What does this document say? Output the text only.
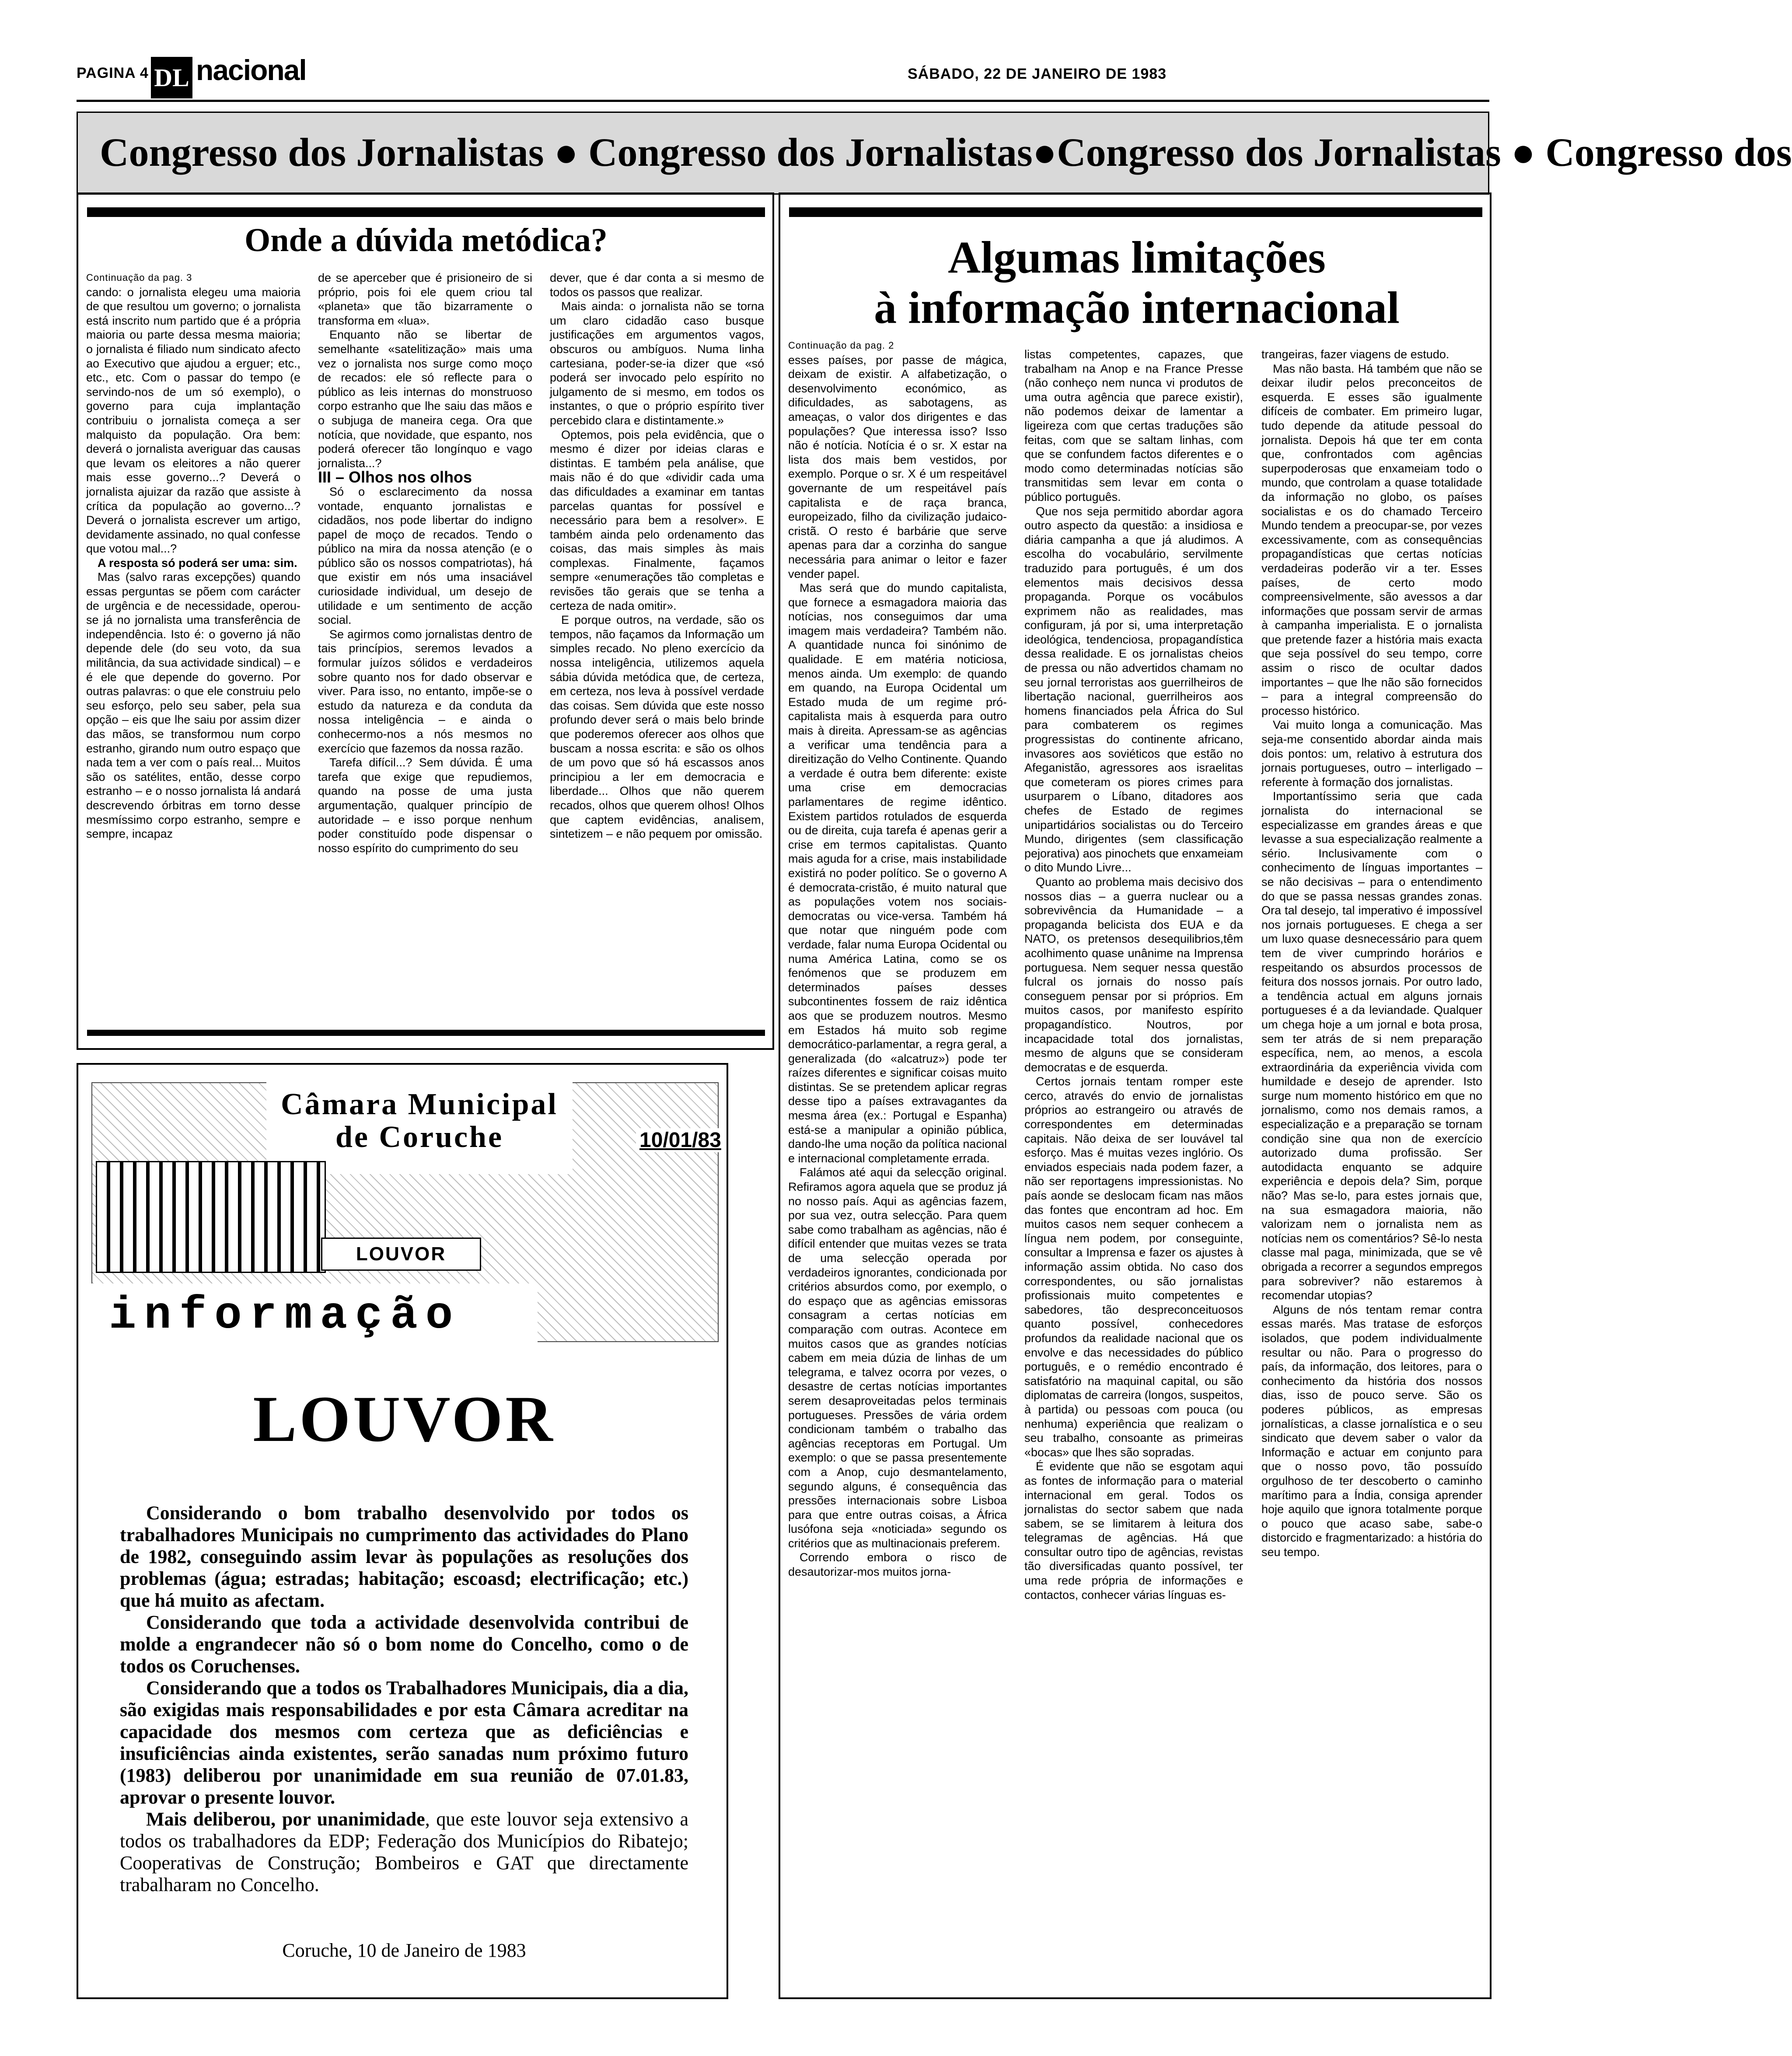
PAGINA 4 DL nacional	SÁBADO, 22 DE JANEIRO DE 1983
Congresso dos Jornalistas ● Congresso dos Jornalistas●Congresso dos Jornalistas ● Congresso dos
Onde a dúvida metódica?
Continuação da pag. 3

cando: o jornalista elegeu uma maioria de que resultou um governo; o jornalista está inscrito num partido que é a própria maioria ou parte dessa mesma maioria; o jornalista é filiado num sindicato afecto ao Executivo que ajudou a erguer; etc., etc., etc. Com o passar do tempo (e servindo-nos de um só exemplo), o governo para cuja implantação contribuiu o jornalista começa a ser malquisto da população. Ora bem: deverá o jornalista averiguar das causas que levam os eleitores a não querer mais esse governo...? Deverá o jornalista ajuizar da razão que assiste à crítica da população ao governo...? Deverá o jornalista escrever um artigo, devidamente assinado, no qual confesse que votou mal...?

A resposta só poderá ser uma: sim.

Mas (salvo raras excepções) quando essas perguntas se põem com carácter de urgência e de necessidade, operou-se já no jornalista uma transferência de independência. Isto é: o governo já não depende dele (do seu voto, da sua militância, da sua actividade sindical) – e é ele que depende do governo. Por outras palavras: o que ele construiu pelo seu esforço, pelo seu saber, pela sua opção – eis que lhe saiu por assim dizer das mãos, se transformou num corpo estranho, girando num outro espaço que nada tem a ver com o país real... Muitos são os satélites, então, desse corpo estranho – e o nosso jornalista lá andará descrevendo órbitras em torno desse mesmíssimo corpo estranho, sempre e sempre, incapaz

de se aperceber que é prisioneiro de si próprio, pois foi ele quem criou tal «planeta» que tão bizarramente o transforma em «lua».

Enquanto não se libertar de semelhante «satelitização» mais uma vez o jornalista nos surge como moço de recados: ele só reflecte para o público as leis internas do monstruoso corpo estranho que lhe saiu das mãos e o subjuga de maneira cega. Ora que notícia, que novidade, que espanto, nos poderá oferecer tão longínquo e vago jornalista...?

III – Olhos nos olhos

Só o esclarecimento da nossa vontade, enquanto jornalistas e cidadãos, nos pode libertar do indigno papel de moço de recados. Tendo o público na mira da nossa atenção (e o público são os nossos compatriotas), há que existir em nós uma insaciável curiosidade individual, um desejo de utilidade e um sentimento de acção social.

Se agirmos como jornalistas dentro de tais princípios, seremos levados a formular juízos sólidos e verdadeiros sobre quanto nos for dado observar e viver. Para isso, no entanto, impõe-se o estudo da natureza e da conduta da nossa inteligência – e ainda o conhecermo-nos a nós mesmos no exercício que fazemos da nossa razão.

Tarefa difícil...? Sem dúvida. É uma tarefa que exige que repudiemos, quando na posse de uma justa argumentação, qualquer princípio de autoridade – e isso porque nenhum poder constituído pode dispensar o nosso espírito do cumprimento do seu

dever, que é dar conta a si mesmo de todos os passos que realizar.

Mais ainda: o jornalista não se torna um claro cidadão caso busque justificações em argumentos vagos, obscuros ou ambíguos. Numa linha cartesiana, poder-se-ia dizer que «só poderá ser invocado pelo espírito no julgamento de si mesmo, em todos os instantes, o que o próprio espírito tiver percebido clara e distintamente.»

Optemos, pois pela evidência, que o mesmo é dizer por ideias claras e distintas. E também pela análise, que mais não é do que «dividir cada uma das dificuldades a examinar em tantas parcelas quantas for possível e necessário para bem a resolver». E também ainda pelo ordenamento das coisas, das mais simples às mais complexas. Finalmente, façamos sempre «enumerações tão completas e revisões tão gerais que se tenha a certeza de nada omitir».

E porque outros, na verdade, são os tempos, não façamos da Informação um simples recado. No pleno exercício da nossa inteligência, utilizemos aquela sábia dúvida metódica que, de certeza, em certeza, nos leva à possível verdade das coisas. Sem dúvida que este nosso profundo dever será o mais belo brinde que poderemos oferecer aos olhos que buscam a nossa escrita: e são os olhos de um povo que só há escassos anos principiou a ler em democracia e liberdade... Olhos que não querem recados, olhos que querem olhos! Olhos que captem evidências, analisem, sintetizem – e não pequem por omissão.

Câmara Municipal
de Coruche	10/01/83
LOUVOR
informação
LOUVOR

Considerando o bom trabalho desenvolvido por todos os trabalhadores Municipais no cumprimento das actividades do Plano de 1982, conseguindo assim levar às populações as resoluções dos problemas (água; estradas; habitação; escoasd; electrificação; etc.) que há muito as afectam.

Considerando que toda a actividade desenvolvida contribui de molde a engrandecer não só o bom nome do Concelho, como o de todos os Coruchenses.

Considerando que a todos os Trabalhadores Municipais, dia a dia, são exigidas mais responsabilidades e por esta Câmara acreditar na capacidade dos mesmos com certeza que as deficiências e insuficiências ainda existentes, serão sanadas num próximo futuro (1983) deliberou por unanimidade em sua reunião de 07.01.83, aprovar o presente louvor.

Mais deliberou, por unanimidade, que este louvor seja extensivo a todos os trabalhadores da EDP; Federação dos Municípios do Ribatejo; Cooperativas de Construção; Bombeiros e GAT que directamente trabalharam no Concelho.

Coruche, 10 de Janeiro de 1983
Algumas limitações
à informação internacional
Continuação da pag. 2

esses países, por passe de mágica, deixam de existir. A alfabetização, o desenvolvimento económico, as dificuldades, as sabotagens, as ameaças, o valor dos dirigentes e das populações? Que interessa isso? Isso não é notícia. Notícia é o sr. X estar na lista dos mais bem vestidos, por exemplo. Porque o sr. X é um respeitável governante de um respeitável país capitalista e de raça branca, europeizado, filho da civilização judaico-cristã. O resto é barbárie que serve apenas para dar a corzinha do sangue necessária para animar o leitor e fazer vender papel.

Mas será que do mundo capitalista, que fornece a esmagadora maioria das notícias, nos conseguimos dar uma imagem mais verdadeira? Também não. A quantidade nunca foi sinónimo de qualidade. E em matéria noticiosa, menos ainda. Um exemplo: de quando em quando, na Europa Ocidental um Estado muda de um regime pró-capitalista mais à esquerda para outro mais à direita. Apressam-se as agências a verificar uma tendência para a direitização do Velho Continente. Quando a verdade é outra bem diferente: existe uma crise em democracias parlamentares de regime idêntico. Existem partidos rotulados de esquerda ou de direita, cuja tarefa é apenas gerir a crise em termos capitalistas. Quanto mais aguda for a crise, mais instabilidade existirá no poder político. Se o governo A é democrata-cristão, é muito natural que as populações votem nos sociais-democratas ou vice-versa. Também há que notar que ninguém pode com verdade, falar numa Europa Ocidental ou numa América Latina, como se os fenómenos que se produzem em determinados países desses subcontinentes fossem de raiz idêntica aos que se produzem noutros. Mesmo em Estados há muito sob regime democrático-parlamentar, a regra geral, a generalizada (do «alcatruz») pode ter raízes diferentes e significar coisas muito distintas. Se se pretendem aplicar regras desse tipo a países extravagantes da mesma área (ex.: Portugal e Espanha) está-se a manipular a opinião pública, dando-lhe uma noção da política nacional e internacional completamente errada.

Falámos até aqui da selecção original. Refiramos agora aquela que se produz já no nosso país. Aqui as agências fazem, por sua vez, outra selecção. Para quem sabe como trabalham as agências, não é difícil entender que muitas vezes se trata de uma selecção operada por verdadeiros ignorantes, condicionada por critérios absurdos como, por exemplo, o do espaço que as agências emissoras consagram a certas notícias em comparação com outras. Acontece em muitos casos que as grandes notícias cabem em meia dúzia de linhas de um telegrama, e talvez ocorra por vezes, o desastre de certas notícias importantes serem desaproveitadas pelos terminais portugueses. Pressões de vária ordem condicionam também o trabalho das agências receptoras em Portugal. Um exemplo: o que se passa presentemente com a Anop, cujo desmantelamento, segundo alguns, é consequência das pressões internacionais sobre Lisboa para que entre outras coisas, a África lusófona seja «noticiada» segundo os critérios que as multinacionais preferem.

Correndo embora o risco de desautorizar-mos muitos jorna-

listas competentes, capazes, que trabalham na Anop e na France Presse (não conheço nem nunca vi produtos de uma outra agência que parece existir), não podemos deixar de lamentar a ligeireza com que certas traduções são feitas, com que se saltam linhas, com que se confundem factos diferentes e o modo como determinadas notícias são transmitidas sem levar em conta o público português.

Que nos seja permitido abordar agora outro aspecto da questão: a insidiosa e diária campanha a que já aludimos. A escolha do vocabulário, servilmente traduzido para português, é um dos elementos mais decisivos dessa propaganda. Porque os vocábulos exprimem não as realidades, mas configuram, já por si, uma interpretação ideológica, tendenciosa, propagandística dessa realidade. E os jornalistas cheios de pressa ou não advertidos chamam no seu jornal terroristas aos guerrilheiros de libertação nacional, guerrilheiros aos homens financiados pela África do Sul para combaterem os regimes progressistas do continente africano, invasores aos soviéticos que estão no Afeganistão, agressores aos israelitas que cometeram os piores crimes para usurparem o Líbano, ditadores aos chefes de Estado de regimes unipartidários socialistas ou do Terceiro Mundo, dirigentes (sem classificação pejorativa) aos pinochets que enxameiam o dito Mundo Livre...

Quanto ao problema mais decisivo dos nossos dias – a guerra nuclear ou a sobrevivência da Humanidade – a propaganda belicista dos EUA e da NATO, os pretensos desequilibrios,têm acolhimento quase unânime na Imprensa portuguesa. Nem sequer nessa questão fulcral os jornais do nosso país conseguem pensar por si próprios. Em muitos casos, por manifesto espírito propagandístico. Noutros, por incapacidade total dos jornalistas, mesmo de alguns que se consideram democratas e de esquerda.

Certos jornais tentam romper este cerco, através do envio de jornalistas próprios ao estrangeiro ou através de correspondentes em determinadas capitais. Não deixa de ser louvável tal esforço. Mas é muitas vezes inglório. Os enviados especiais nada podem fazer, a não ser reportagens impressionistas. No país aonde se deslocam ficam nas mãos das fontes que encontram ad hoc. Em muitos casos nem sequer conhecem a língua nem podem, por conseguinte, consultar a Imprensa e fazer os ajustes à informação assim obtida. No caso dos correspondentes, ou são jornalistas profissionais muito competentes e sabedores, tão despreconceituosos quanto possível, conhecedores profundos da realidade nacional que os envolve e das necessidades do público português, e o remédio encontrado é satisfatório na maquinal capital, ou são diplomatas de carreira (longos, suspeitos, à partida) ou pessoas com pouca (ou nenhuma) experiência que realizam o seu trabalho, consoante as primeiras «bocas» que lhes são sopradas.

É evidente que não se esgotam aqui as fontes de informação para o material internacional em geral. Todos os jornalistas do sector sabem que nada sabem, se se limitarem à leitura dos telegramas de agências. Há que consultar outro tipo de agências, revistas tão diversificadas quanto possível, ter uma rede própria de informações e contactos, conhecer várias línguas es-

trangeiras, fazer viagens de estudo.

Mas não basta. Há também que não se deixar iludir pelos preconceitos de esquerda. E esses são igualmente difíceis de combater. Em primeiro lugar, tudo depende da atitude pessoal do jornalista. Depois há que ter em conta que, confrontados com agências superpoderosas que enxameiam todo o mundo, que controlam a quase totalidade da informação no globo, os países socialistas e os do chamado Terceiro Mundo tendem a preocupar-se, por vezes excessivamente, com as consequências propagandísticas que certas notícias verdadeiras poderão vir a ter. Esses países, de certo modo compreensivelmente, são avessos a dar informações que possam servir de armas à campanha imperialista. E o jornalista que pretende fazer a história mais exacta que seja possível do seu tempo, corre assim o risco de ocultar dados importantes – que lhe não são fornecidos – para a integral compreensão do processo histórico.

Vai muito longa a comunicação. Mas seja-me consentido abordar ainda mais dois pontos: um, relativo à estrutura dos jornais portugueses, outro – interligado – referente à formação dos jornalistas.

Importantíssimo seria que cada jornalista do internacional se especializasse em grandes áreas e que levasse a sua especialização realmente a sério. Inclusivamente com o conhecimento de línguas importantes – se não decisivas – para o entendimento do que se passa nessas grandes zonas. Ora tal desejo, tal imperativo é impossível nos jornais portugueses. E chega a ser um luxo quase desnecessário para quem tem de viver cumprindo horários e respeitando os absurdos processos de feitura dos nossos jornais. Por outro lado, a tendência actual em alguns jornais portugueses é a da leviandade. Qualquer um chega hoje a um jornal e bota prosa, sem ter atrás de si nem preparação específica, nem, ao menos, a escola extraordinária da experiência vivida com humildade e desejo de aprender. Isto surge num momento histórico em que no jornalismo, como nos demais ramos, a especialização e a preparação se tornam condição sine qua non de exercício autorizado duma profissão. Ser autodidacta enquanto se adquire experiência e depois dela? Sim, porque não? Mas se-lo, para estes jornais que, na sua esmagadora maioria, não valorizam nem o jornalista nem as notícias nem os comentários? Sê-lo nesta classe mal paga, minimizada, que se vê obrigada a recorrer a segundos empregos para sobreviver? não estaremos à recomendar utopias?

Alguns de nós tentam remar contra essas marés. Mas tratase de esforços isolados, que podem individualmente resultar ou não. Para o progresso do país, da informação, dos leitores, para o conhecimento da história dos nossos dias, isso de pouco serve. São os poderes públicos, as empresas jornalísticas, a classe jornalística e o seu sindicato que devem saber o valor da Informação e actuar em conjunto para que o nosso povo, tão possuído orgulhoso de ter descoberto o caminho marítimo para a Índia, consiga aprender hoje aquilo que ignora totalmente porque o pouco que acaso sabe, sabe-o distorcido e fragmentarizado: a história do seu tempo.
